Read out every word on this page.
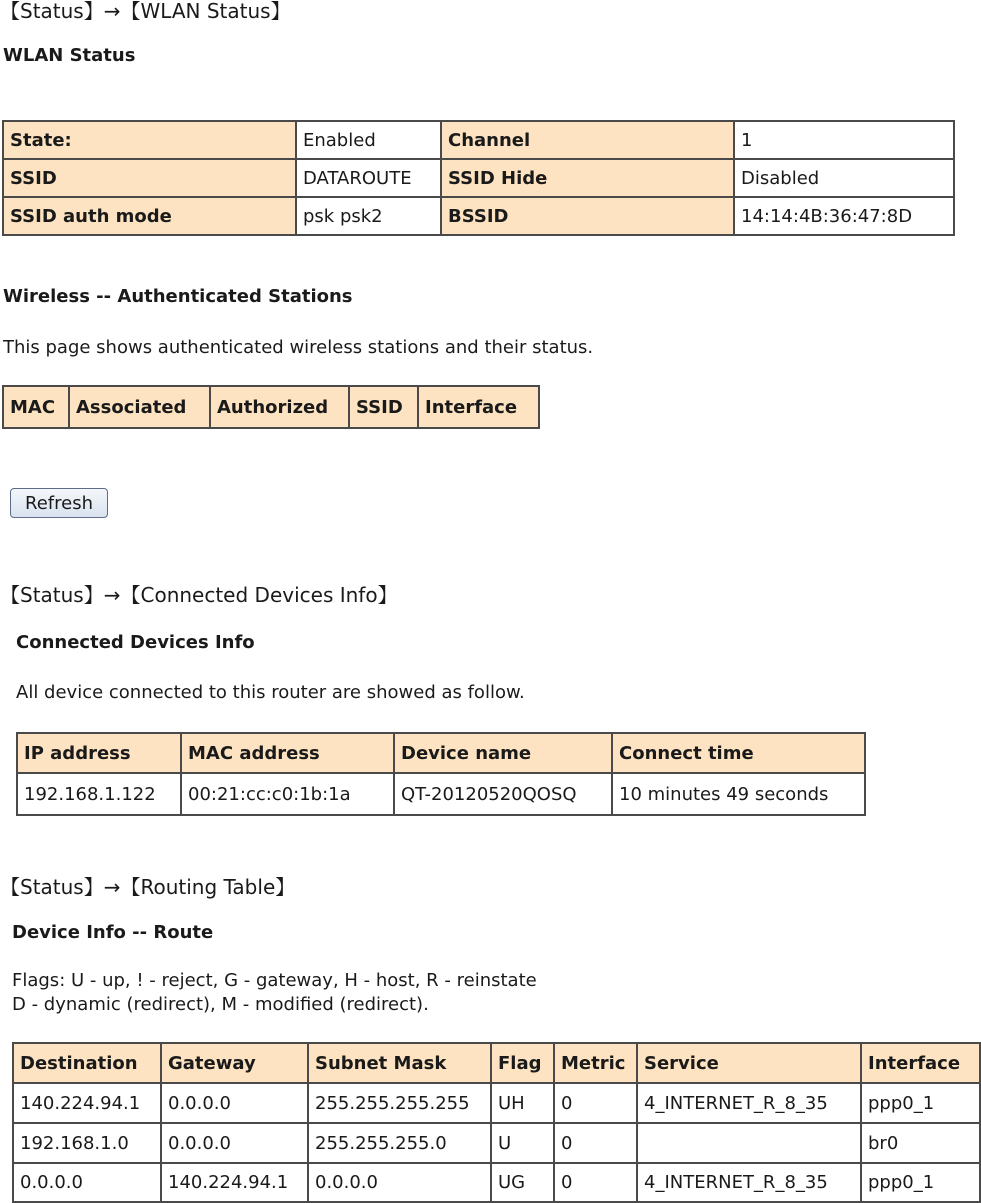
【Status】→【WLAN Status】
WLAN Status
State:	Enabled	Channel	1
SSID	DATAROUTE	SSID Hide	Disabled
SSID auth mode	psk psk2	BSSID	14:14:4B:36:47:8D
Wireless -- Authenticated Stations
This page shows authenticated wireless stations and their status.
MAC	Associated	Authorized	SSID	Interface
Refresh
【Status】→【Connected Devices Info】
Connected Devices Info
All device connected to this router are showed as follow.
IP address	MAC address	Device name	Connect time
192.168.1.122	00:21:cc:c0:1b:1a	QT-20120520QOSQ	10 minutes 49 seconds
【Status】→【Routing Table】
Device Info -- Route
Flags: U - up, ! - reject, G - gateway, H - host, R - reinstate
D - dynamic (redirect), M - modified (redirect).
Destination	Gateway	Subnet Mask	Flag	Metric	Service	Interface
140.224.94.1	0.0.0.0	255.255.255.255	UH	0	4_INTERNET_R_8_35	ppp0_1
192.168.1.0	0.0.0.0	255.255.255.0	U	0		br0
0.0.0.0	140.224.94.1	0.0.0.0	UG	0	4_INTERNET_R_8_35	ppp0_1
